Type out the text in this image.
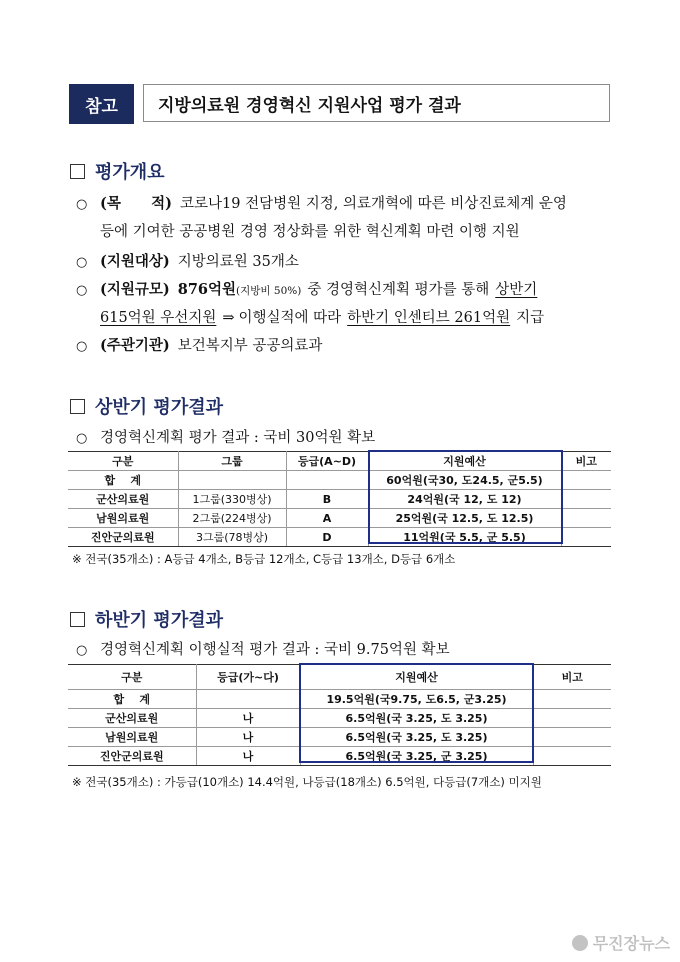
참고	지방의료원 경영혁신 지원사업 평가 결과
평가개요
○ (목      적) 코로나19 전담병원 지정, 의료개혁에 따른 비상진료체계 운영
등에 기여한 공공병원 경영 정상화를 위한 혁신계획 마련 이행 지원
○ (지원대상) 지방의료원 35개소
○ (지원규모) 876억원 (지방비 50%) 중 경영혁신계획 평가를 통해 상반기
615억원 우선지원 ⇒ 이행실적에 따라 하반기 인센티브 261억원 지급
○ (주관기관) 보건복지부 공공의료과
상반기 평가결과
○ 경영혁신계획 평가 결과 : 국비 30억원 확보
구분	그룹	등급(A~D)	지원예산	비고
합    계			60억원(국30, 도24.5, 군5.5)	
군산의료원	1그룹(330병상)	B	24억원(국 12, 도 12)	
남원의료원	2그룹(224병상)	A	25억원(국 12.5, 도 12.5)	
진안군의료원	3그룹(78병상)	D	11억원(국 5.5, 군 5.5)	
※ 전국(35개소) : A등급 4개소, B등급 12개소, C등급 13개소, D등급 6개소
하반기 평가결과
○ 경영혁신계획 이행실적 평가 결과 : 국비 9.75억원 확보
구분	등급(가~다)	지원예산	비고
합    계		19.5억원(국9.75, 도6.5, 군3.25)	
군산의료원	나	6.5억원(국 3.25, 도 3.25)	
남원의료원	나	6.5억원(국 3.25, 도 3.25)	
진안군의료원	나	6.5억원(국 3.25, 군 3.25)	
※ 전국(35개소) : 가등급(10개소) 14.4억원, 나등급(18개소) 6.5억원, 다등급(7개소) 미지원
무진장뉴스
